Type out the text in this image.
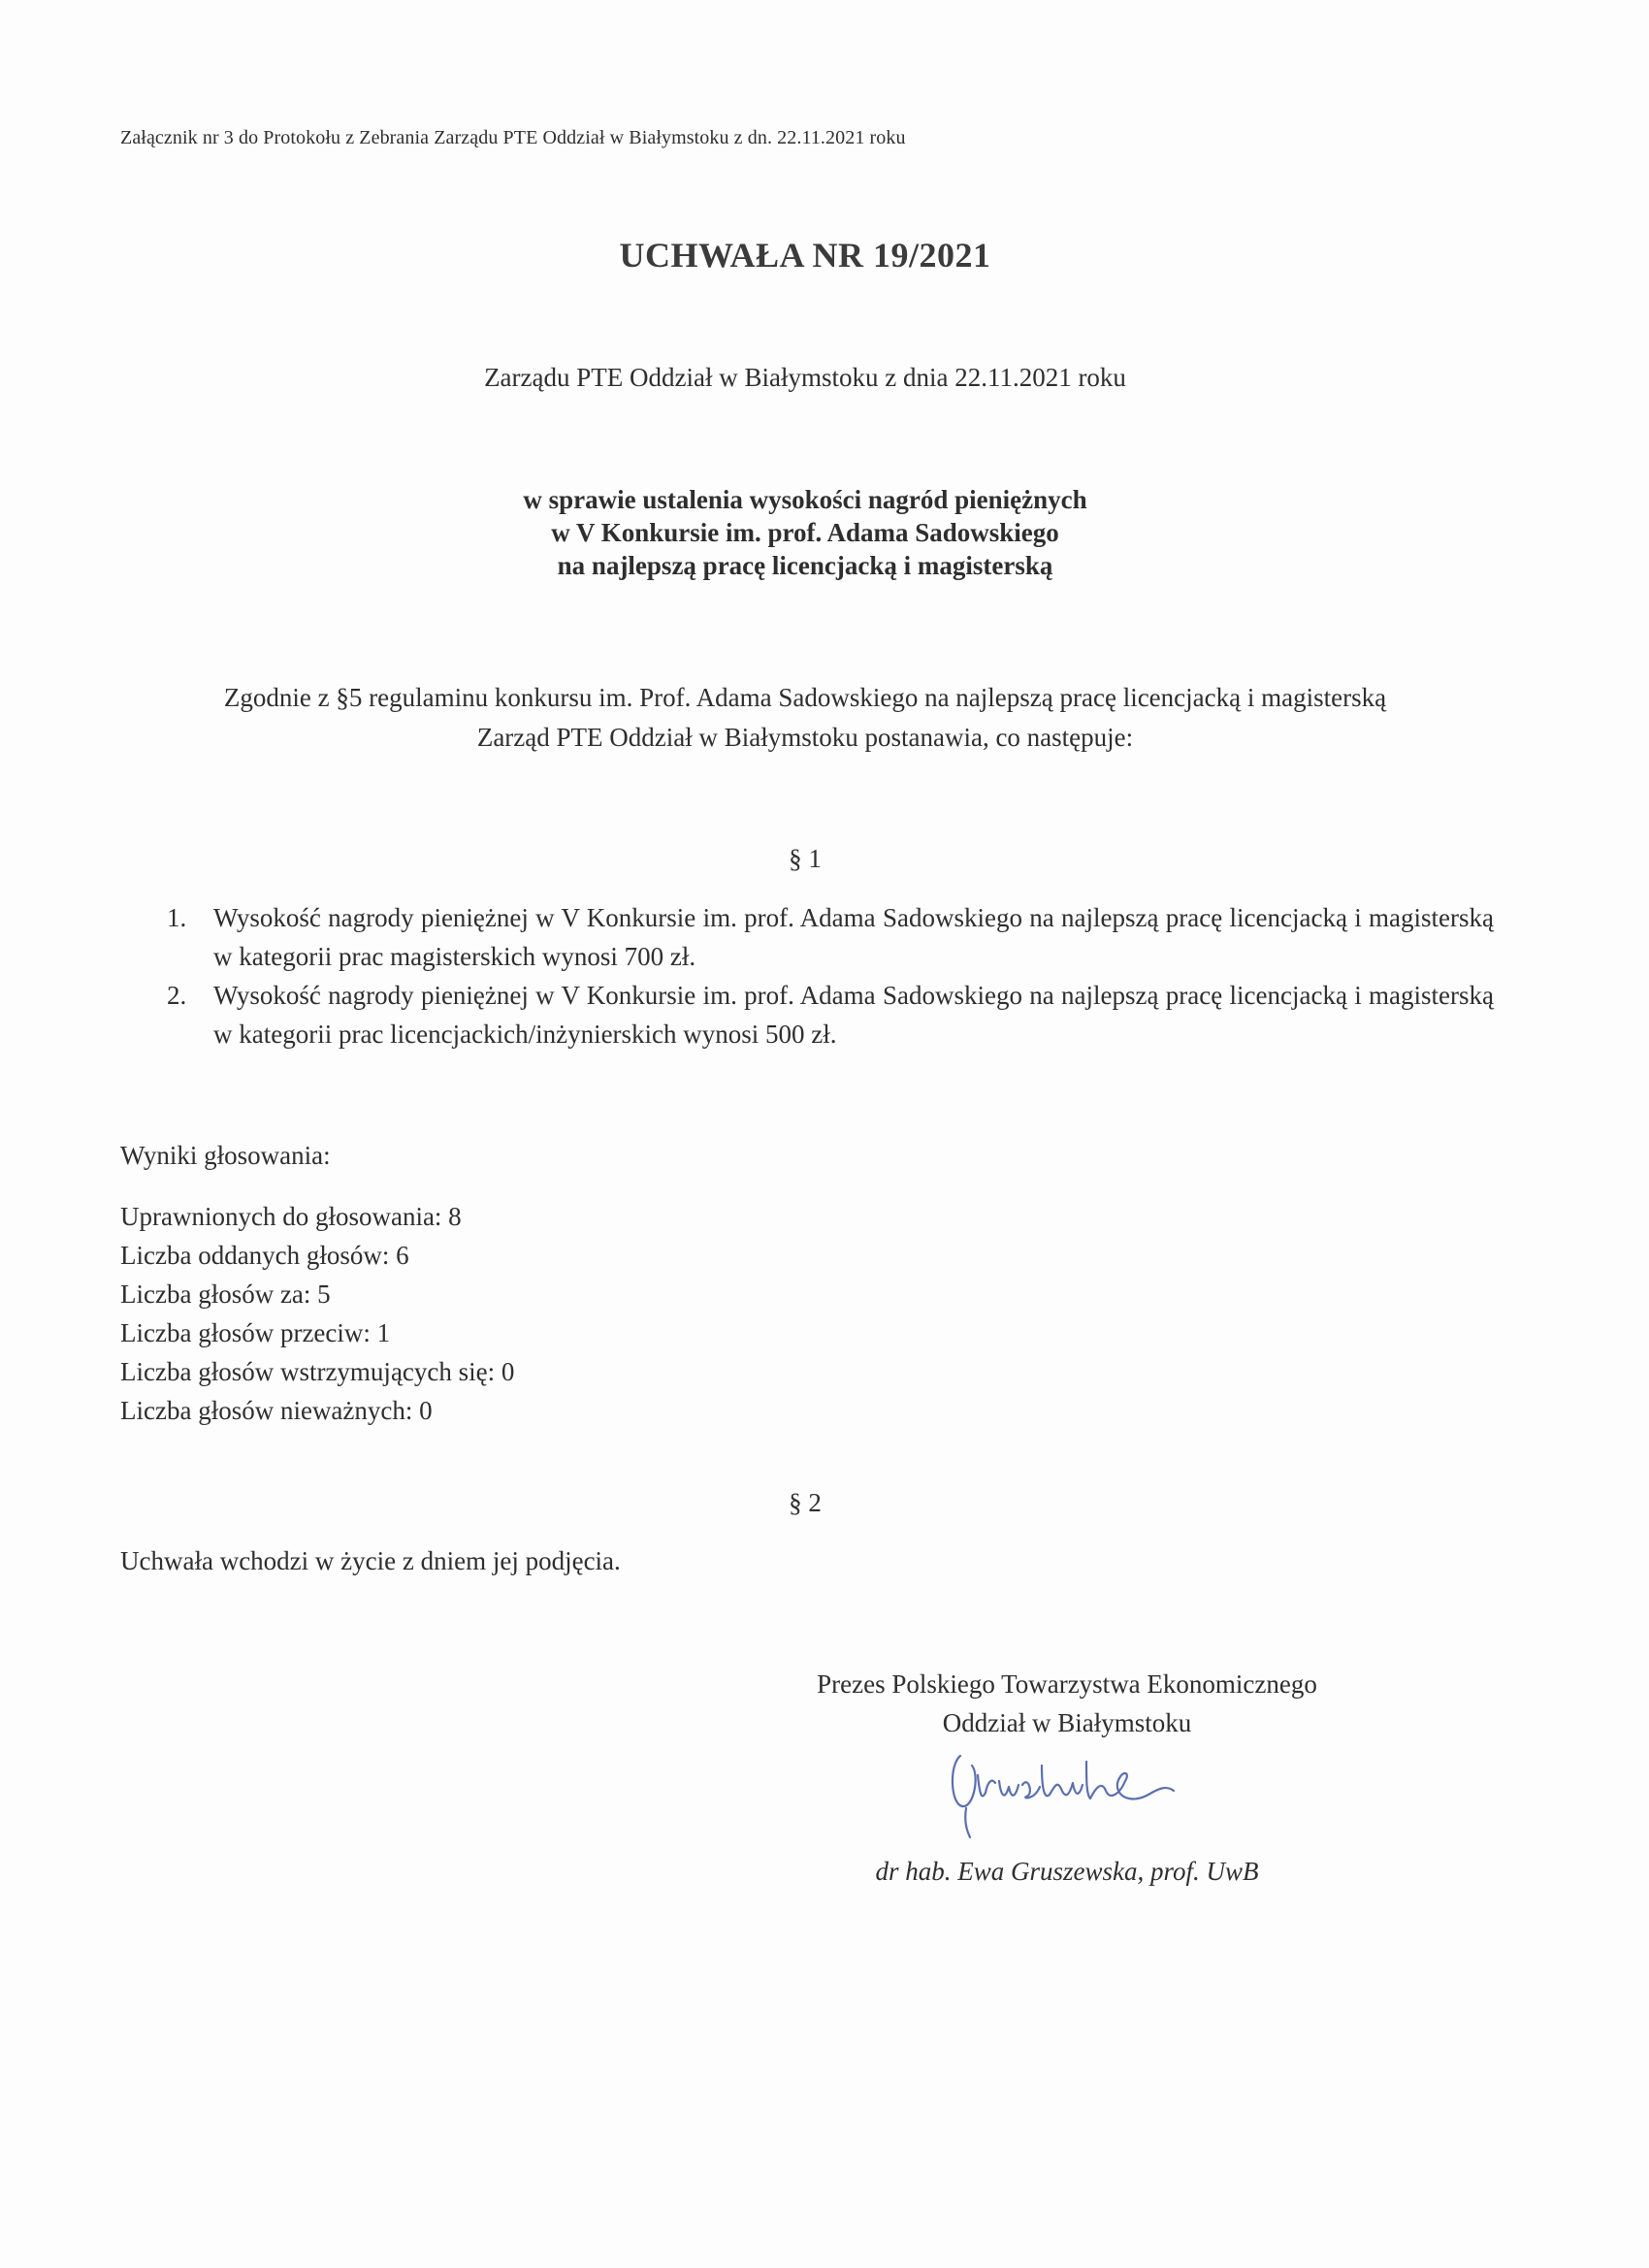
Załącznik nr 3 do Protokołu z Zebrania Zarządu PTE Oddział w Białymstoku z dn. 22.11.2021 roku
UCHWAŁA NR 19/2021
Zarządu PTE Oddział w Białymstoku z dnia 22.11.2021 roku
w sprawie ustalenia wysokości nagród pieniężnych
w V Konkursie im. prof. Adama Sadowskiego
na najlepszą pracę licencjacką i magisterską
Zgodnie z §5 regulaminu konkursu im. Prof. Adama Sadowskiego na najlepszą pracę licencjacką i magisterską
Zarząd PTE Oddział w Białymstoku postanawia, co następuje:
§ 1
1. Wysokość nagrody pieniężnej w V Konkursie im. prof. Adama Sadowskiego na najlepszą pracę licencjacką i magisterską w kategorii prac magisterskich wynosi 700 zł.
2. Wysokość nagrody pieniężnej w V Konkursie im. prof. Adama Sadowskiego na najlepszą pracę licencjacką i magisterską w kategorii prac licencjackich/inżynierskich wynosi 500 zł.
Wyniki głosowania:
Uprawnionych do głosowania: 8
Liczba oddanych głosów: 6
Liczba głosów za: 5
Liczba głosów przeciw: 1
Liczba głosów wstrzymujących się: 0
Liczba głosów nieważnych: 0
§ 2
Uchwała wchodzi w życie z dniem jej podjęcia.
Prezes Polskiego Towarzystwa Ekonomicznego
Oddział w Białymstoku
dr hab. Ewa Gruszewska, prof. UwB
